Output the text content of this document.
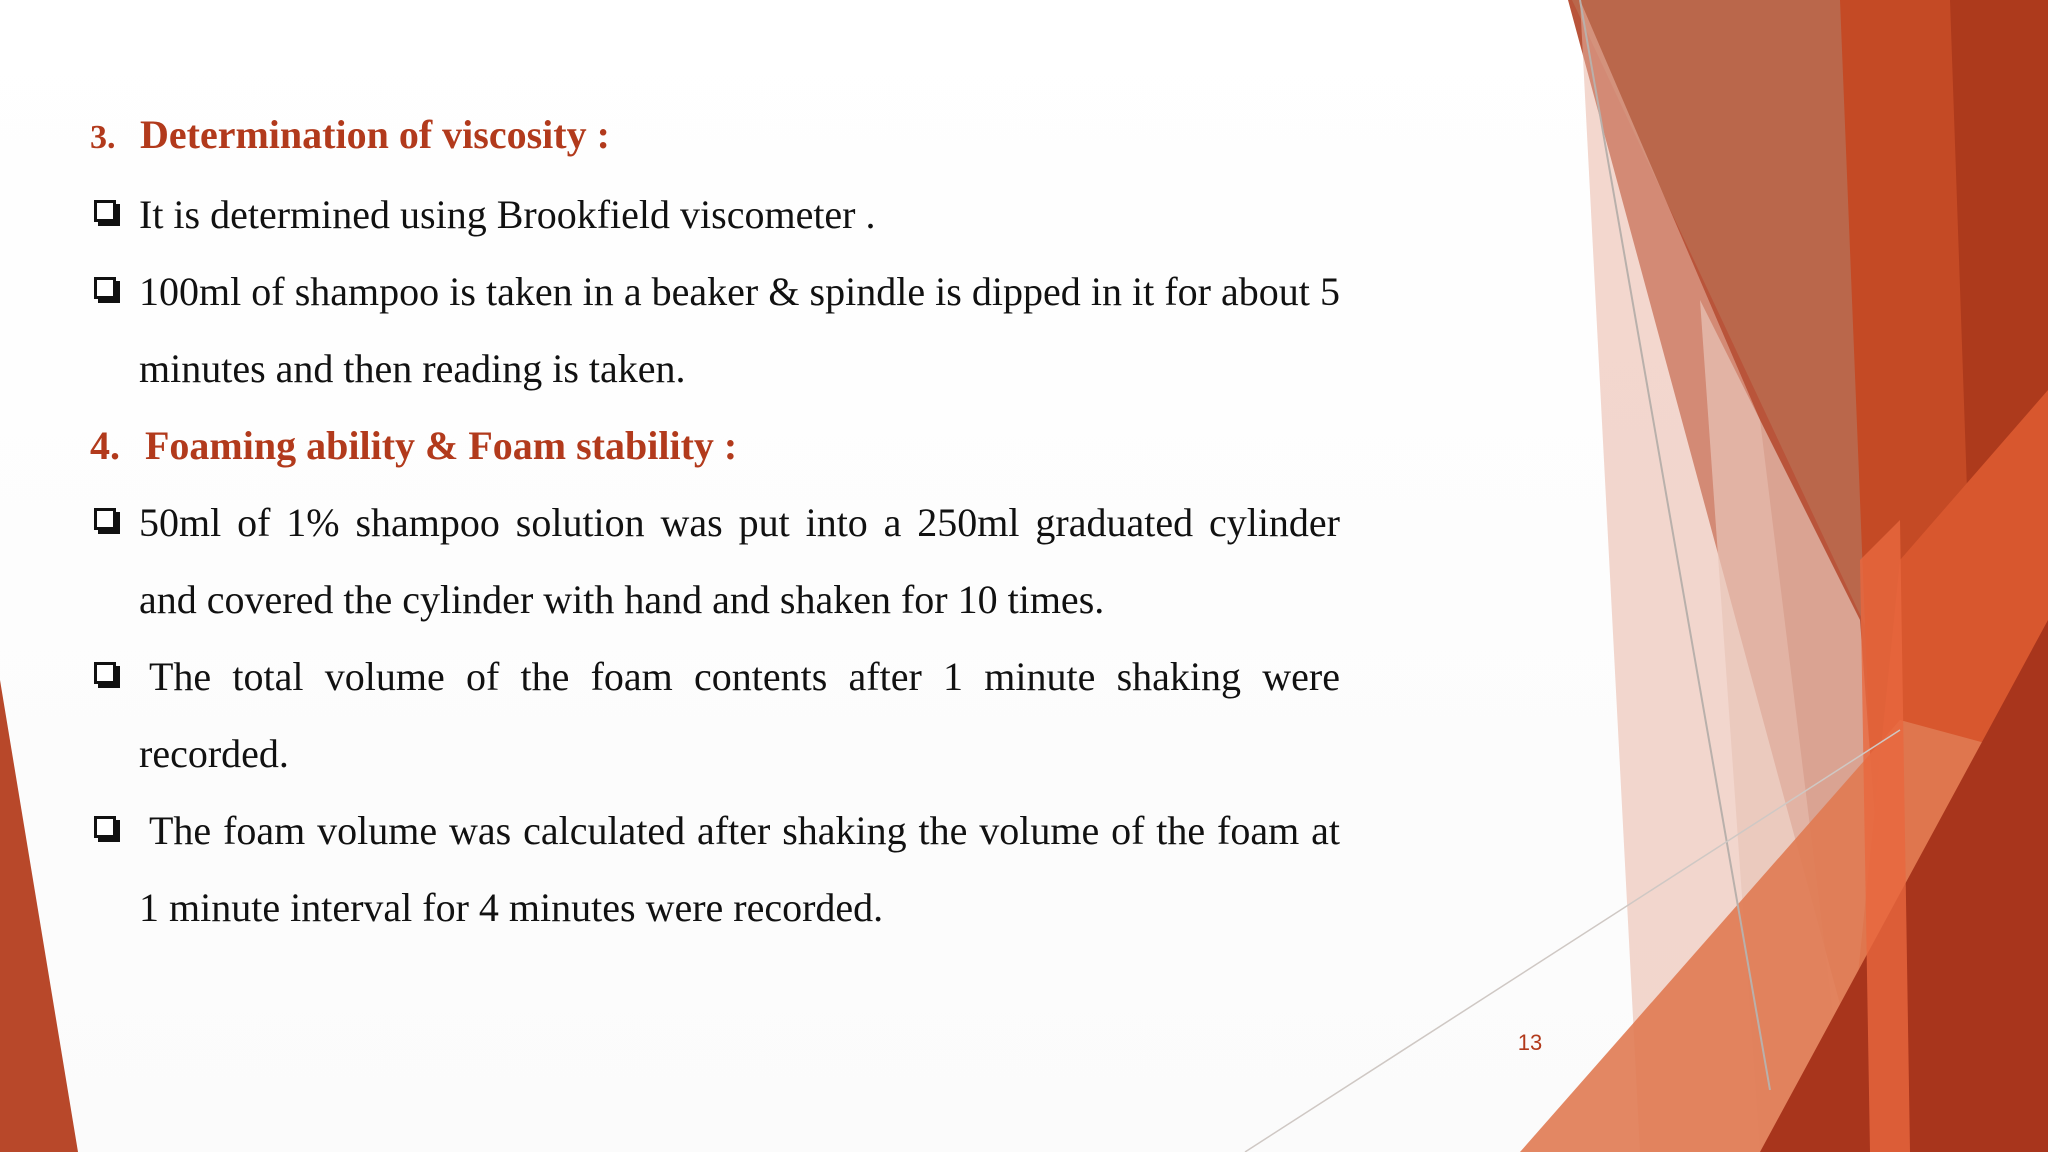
3. Determination of viscosity :

It is determined using Brookfield viscometer .

100ml of shampoo is taken in a beaker & spindle is dipped in it for about 5 minutes and then reading is taken.

4. Foaming ability & Foam stability :

50ml of 1% shampoo solution was put into a 250ml graduated cylinder and covered the cylinder with hand and shaken for 10 times.

The total volume of the foam contents after 1 minute shaking were recorded.

The foam volume was calculated after shaking the volume of the foam at 1 minute interval for 4 minutes were recorded.

13
